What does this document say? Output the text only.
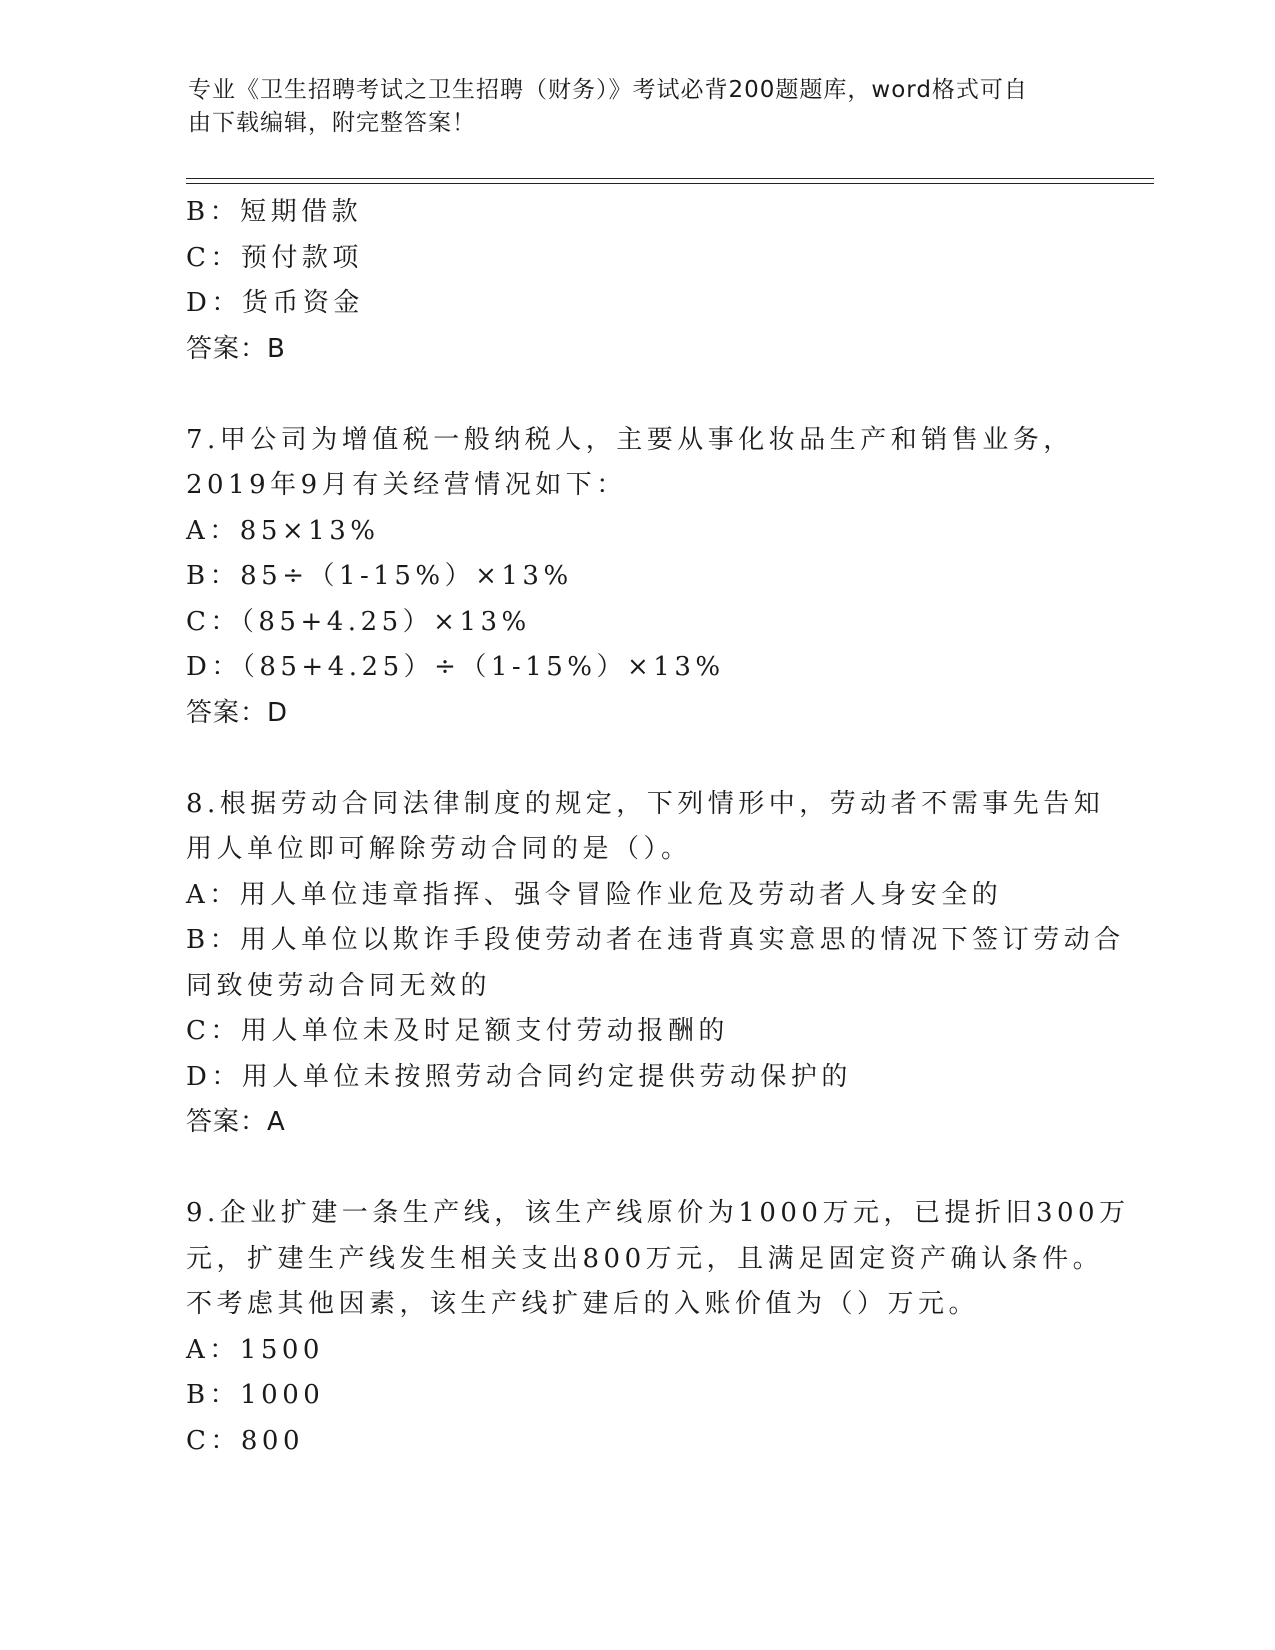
专业《卫生招聘考试之卫生招聘（财务）》考试必背200题题库，word格式可自
由下载编辑，附完整答案！
B：短期借款
C：预付款项
D：货币资金
答案：B
7.甲公司为增值税一般纳税人，主要从事化妆品生产和销售业务，
2019年9月有关经营情况如下：
A：85×13%
B：85÷（1-15%）×13%
C：（85+4.25）×13%
D：（85+4.25）÷（1-15%）×13%
答案：D
8.根据劳动合同法律制度的规定，下列情形中，劳动者不需事先告知
用人单位即可解除劳动合同的是（）。
A：用人单位违章指挥、强令冒险作业危及劳动者人身安全的
B：用人单位以欺诈手段使劳动者在违背真实意思的情况下签订劳动合
同致使劳动合同无效的
C：用人单位未及时足额支付劳动报酬的
D：用人单位未按照劳动合同约定提供劳动保护的
答案：A
9.企业扩建一条生产线，该生产线原价为1000万元，已提折旧300万
元，扩建生产线发生相关支出800万元，且满足固定资产确认条件。
不考虑其他因素，该生产线扩建后的入账价值为（）万元。
A：1500
B：1000
C：800
